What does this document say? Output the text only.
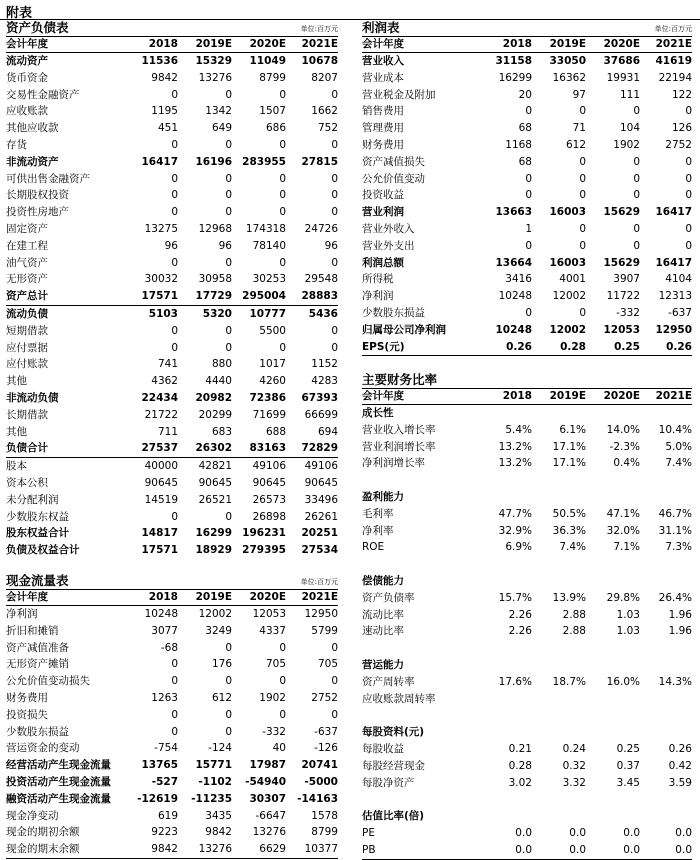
附表
资产负债表	单位:百万元
会计年度	2018	2019E	2020E	2021E
流动资产	11536	15329	11049	10678
货币资金	9842	13276	8799	8207
交易性金融资产	0	0	0	0
应收账款	1195	1342	1507	1662
其他应收款	451	649	686	752
存货	0	0	0	0
非流动资产	16417	16196 283955	27815
可供出售金融资产	0	0	0	0
长期股权投资	0	0	0	0
投资性房地产	0	0	0	0
固定资产	13275	12968	174318	24726
在建工程	96	96	78140	96
油气资产	0	0	0	0
无形资产	30032	30958	30253	29548
资产总计	17571	17729 295004	28883
流动负债	5103	5320	10777	5436
短期借款	0	0	5500	0
应付票据	0	0	0	0
应付账款	741	880	1017	1152
其他	4362	4440	4260	4283
非流动负债	22434	20982	72386	67393
长期借款	21722	20299	71699	66699
其他	711	683	688	694
负债合计	27537	26302	83163	72829
股本	40000	42821	49106	49106
资本公积	90645	90645	90645	90645
未分配利润	14519	26521	26573	33496
少数股东权益	0	0	26898	26261
股东权益合计	14817	16299 196231	20251
负债及权益合计	17571	18929 279395	27534
利润表	单位:百万元
会计年度	2018	2019E	2020E	2021E
营业收入	31158	33050	37686	41619
营业成本	16299	16362	19931	22194
营业税金及附加	20	97	111	122
销售费用	0	0	0	0
管理费用	68	71	104	126
财务费用	1168	612	1902	2752
资产减值损失	68	0	0	0
公允价值变动	0	0	0	0
投资收益	0	0	0	0
营业利润	13663	16003	15629	16417
营业外收入	1	0	0	0
营业外支出	0	0	0	0
利润总额	13664	16003	15629	16417
所得税	3416	4001	3907	4104
净利润	10248	12002	11722	12313
少数股东损益	0	0	-332	-637
归属母公司净利润	10248	12002	12053	12950
EPS(元)	0.26	0.28	0.25	0.26
主要财务比率
会计年度	2018	2019E	2020E	2021E
成长性
营业收入增长率	5.4%	6.1%	14.0%	10.4%
营业利润增长率	13.2%	17.1%	-2.3%	5.0%
净利润增长率	13.2%	17.1%	0.4%	7.4%
盈利能力
毛利率	47.7%	50.5%	47.1%	46.7%
净利率	32.9%	36.3%	32.0%	31.1%
ROE	6.9%	7.4%	7.1%	7.3%
偿债能力
资产负债率	15.7%	13.9%	29.8%	26.4%
流动比率	2.26	2.88	1.03	1.96
速动比率	2.26	2.88	1.03	1.96
营运能力
资产周转率	17.6%	18.7%	16.0%	14.3%
应收账款周转率
每股资料(元)
每股收益	0.21	0.24	0.25	0.26
每股经营现金	0.28	0.32	0.37	0.42
每股净资产	3.02	3.32	3.45	3.59
估值比率(倍)
PE	0.0	0.0	0.0	0.0
PB	0.0	0.0	0.0	0.0
现金流量表	单位:百万元
会计年度	2018	2019E	2020E	2021E
净利润	10248	12002	12053	12950
折旧和摊销	3077	3249	4337	5799
资产减值准备	-68	0	0	0
无形资产摊销	0	176	705	705
公允价值变动损失	0	0	0	0
财务费用	1263	612	1902	2752
投资损失	0	0	0	0
少数股东损益	0	0	-332	-637
营运资金的变动	-754	-124	40	-126
经营活动产生现金流量	13765	15771	17987	20741
投资活动产生现金流量	-527	-1102	-54940	-5000
融资活动产生现金流量	-12619	-11235	30307	-14163
现金净变动	619	3435	-6647	1578
现金的期初余额	9223	9842	13276	8799
现金的期末余额	9842	13276	6629	10377
